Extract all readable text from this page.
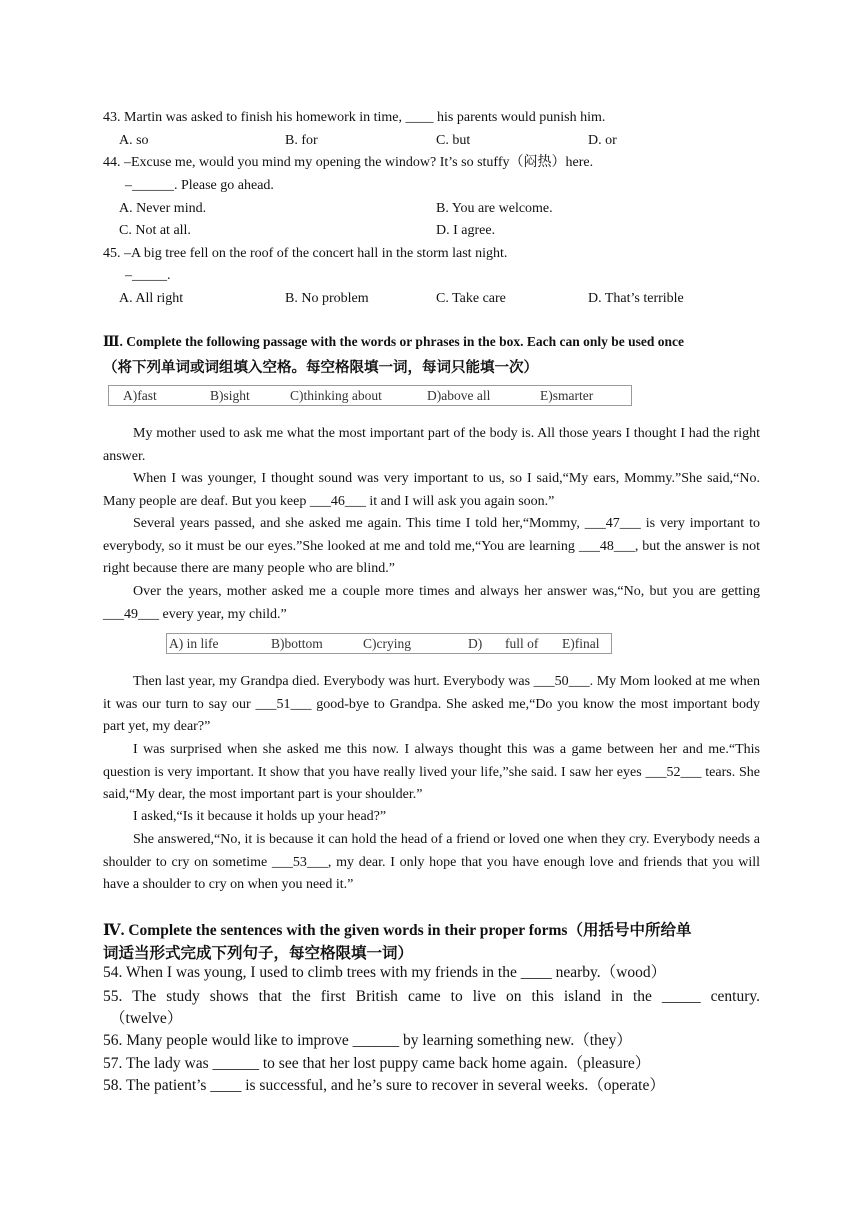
43. Martin was asked to finish his homework in time, ____ his parents would punish him.
A. so	B. for	C. but	D. or
44. –Excuse me, would you mind my opening the window? It’s so stuffy（闷热）here.
–______. Please go ahead.
A. Never mind.	B. You are welcome.
C. Not at all.	D. I agree.
45. –A big tree fell on the roof of the concert hall in the storm last night.
–_____.
A. All right	B. No problem	C. Take care	D. That’s terrible
Ⅲ. Complete the following passage with the words or phrases in the box. Each can only be used once
（将下列单词或词组填入空格。每空格限填一词，每词只能填一次）
A)fast	B)sight	C)thinking about	D)above all	E)smarter
My mother used to ask me what the most important part of the body is. All those years I thought I had the right answer.
When I was younger, I thought sound was very important to us, so I said,“My ears, Mommy.”She said,“No. Many people are deaf. But you keep ___46___ it and I will ask you again soon.”
Several years passed, and she asked me again. This time I told her,“Mommy, ___47___ is very important to everybody, so it must be our eyes.”She looked at me and told me,“You are learning ___48___, but the answer is not right because there are many people who are blind.”
Over the years, mother asked me a couple more times and always her answer was,“No, but you are getting ___49___ every year, my child.”
A) in life	B)bottom	C)crying	D) full of E)final
Then last year, my Grandpa died. Everybody was hurt. Everybody was ___50___. My Mom looked at me when it was our turn to say our ___51___ good-bye to Grandpa. She asked me,“Do you know the most important body part yet, my dear?”
I was surprised when she asked me this now. I always thought this was a game between her and me.“This question is very important. It show that you have really lived your life,”she said. I saw her eyes ___52___ tears. She said,“My dear, the most important part is your shoulder.”
I asked,“Is it because it holds up your head?”
She answered,“No, it is because it can hold the head of a friend or loved one when they cry. Everybody needs a shoulder to cry on sometime ___53___, my dear. I only hope that you have enough love and friends that you will have a shoulder to cry on when you need it.”
Ⅳ. Complete the sentences with the given words in their proper forms（用括号中所给单
词适当形式完成下列句子，每空格限填一词）
54. When I was young, I used to climb trees with my friends in the ____ nearby.（wood）
55. The study shows that the first British came to live on this island in the _____ century.
（twelve）
56. Many people would like to improve ______ by learning something new.（they）
57. The lady was ______ to see that her lost puppy came back home again.（pleasure）
58. The patient’s ____ is successful, and he’s sure to recover in several weeks.（operate）
